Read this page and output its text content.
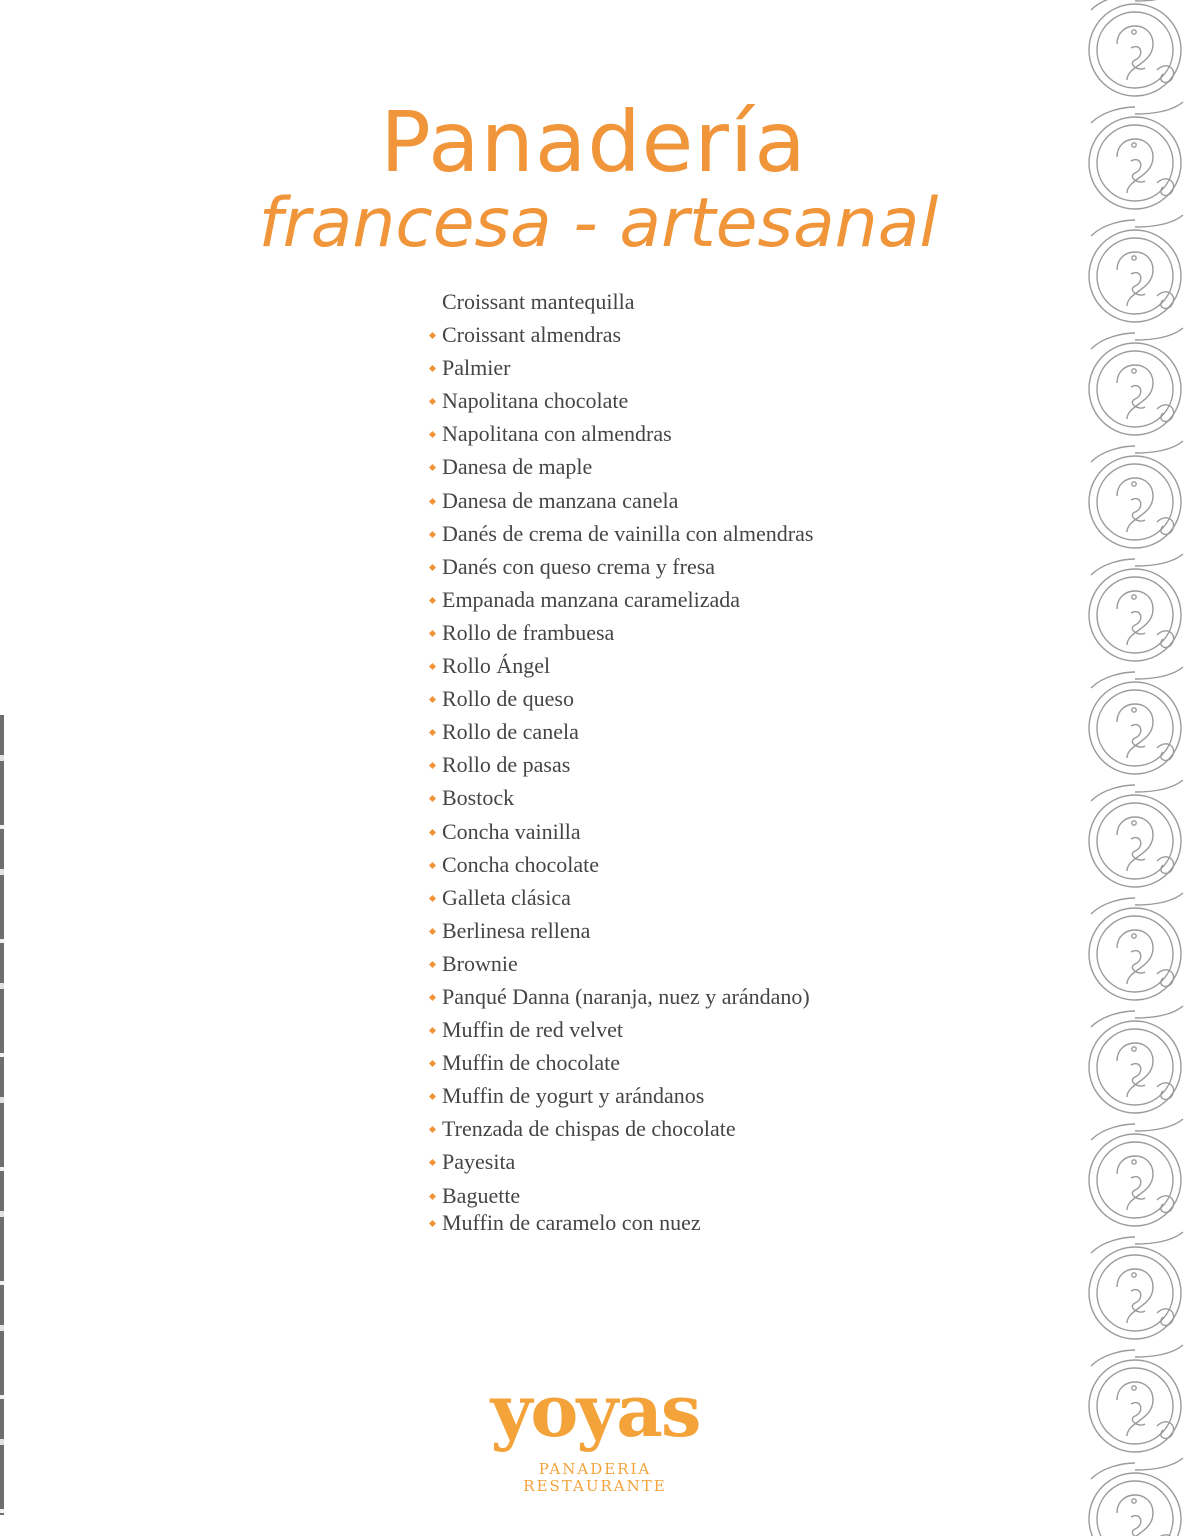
Panadería
francesa - artesanal
Croissant mantequilla
Croissant almendras
Palmier
Napolitana chocolate
Napolitana con almendras
Danesa de maple
Danesa de manzana canela
Danés de crema de vainilla con almendras
Danés con queso crema y fresa
Empanada manzana caramelizada
Rollo de frambuesa
Rollo Ángel
Rollo de queso
Rollo de canela
Rollo de pasas
Bostock
Concha vainilla
Concha chocolate
Galleta clásica
Berlinesa rellena
Brownie
Panqué Danna (naranja, nuez y arándano)
Muffin de red velvet
Muffin de chocolate
Muffin de yogurt y arándanos
Trenzada de chispas de chocolate
Payesita
Baguette
Muffin de caramelo con nuez
yoyas
PANADERIA
RESTAURANTE
